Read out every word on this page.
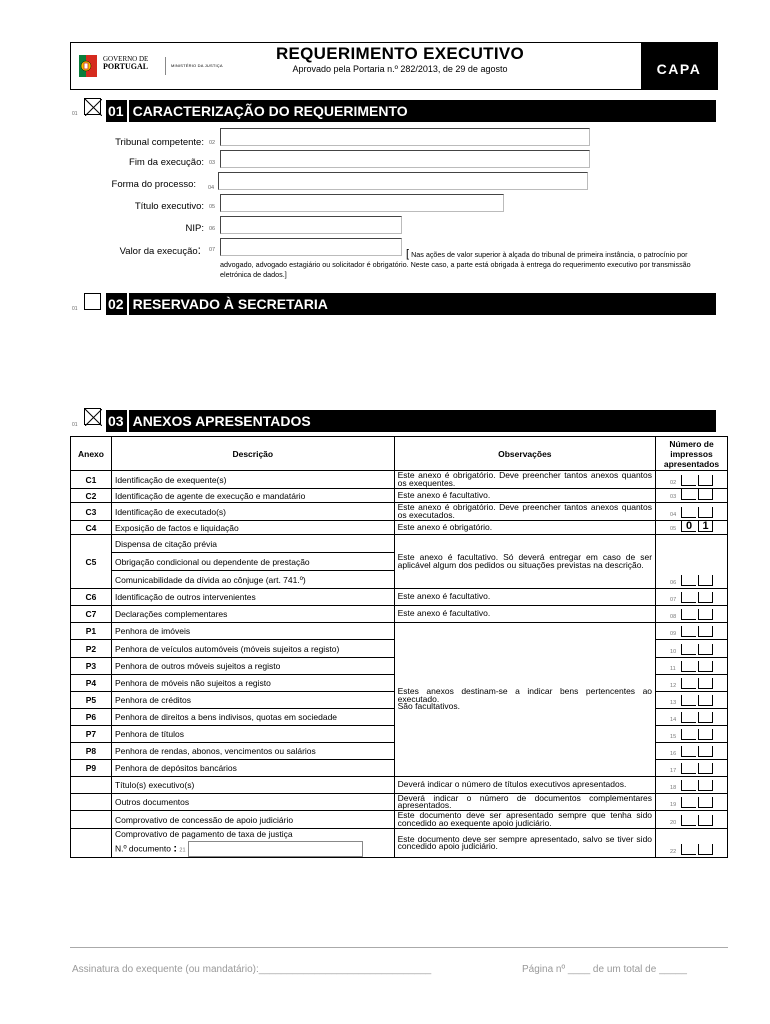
GOVERNO DE
PORTUGAL	MINISTÉRIO DA JUSTIÇA
REQUERIMENTO EXECUTIVO
Aprovado pela Portaria n.º 282/2013, de 29 de agosto	CAPA
01 01 CARACTERIZAÇÃO DO REQUERIMENTO
Tribunal competente: 02
Fim da execução: 03
Forma do processo: 04
Título executivo: 05
NIP: 06
Valor da execução: 07	[ Nas ações de valor superior à alçada do tribunal de primeira instância, o patrocínio por advogado, advogado estagiário ou solicitador é obrigatório. Neste caso, a parte está obrigada à entrega do requerimento executivo por transmissão eletrónica de dados.]
01 02 RESERVADO À SECRETARIA
01 03 ANEXOS APRESENTADOS
Anexo	Descrição	Observações	Número de impressos apresentados
C1	Identificação de exequente(s)	Este anexo é obrigatório. Deve preencher tantos anexos quantos os exequentes.	02

C2	Identificação de agente de execução e mandatário	Este anexo é facultativo.	03

C3	Identificação de executado(s)	Este anexo é obrigatório. Deve preencher tantos anexos quantos os executados.	04

C4	Exposição de factos e liquidação	Este anexo é obrigatório.	05 0 1

C5	Dispensa de citação prévia	Este anexo é facultativo. Só deverá entregar em caso de ser aplicável algum dos pedidos ou situações previstas na descrição.	06

	Obrigação condicional ou dependente de prestação		
	Comunicabilidade da dívida ao cônjuge (art. 741.º)		
C6	Identificação de outros intervenientes	Este anexo é facultativo.	07

C7	Declarações complementares	Este anexo é facultativo.	08

P1	Penhora de imóveis	Estes anexos destinam-se a indicar bens pertencentes ao executado.
São facultativos.	09

P2	Penhora de veículos automóveis (móveis sujeitos a registo)		10

P3	Penhora de outros móveis sujeitos a registo		11

P4	Penhora de móveis não sujeitos a registo		12

P5	Penhora de créditos		13

P6	Penhora de direitos a bens indivisos, quotas em sociedade		14

P7	Penhora de títulos		15

P8	Penhora de rendas, abonos, vencimentos ou salários		16

P9	Penhora de depósitos bancários		17

	Título(s) executivo(s)	Deverá indicar o número de títulos executivos apresentados.	18

	Outros documentos	Deverá indicar o número de documentos complementares apresentados.	19

	Comprovativo de concessão de apoio judiciário	Este documento deve ser apresentado sempre que tenha sido concedido ao exequente apoio judiciário.	20

	Comprovativo de pagamento de taxa de justiça
N.º documento : 21	Este documento deve ser sempre apresentado, salvo se tiver sido concedido apoio judiciário.	22
Assinatura do exequente (ou mandatário):_______________________________	Página nº ____ de um total de _____
